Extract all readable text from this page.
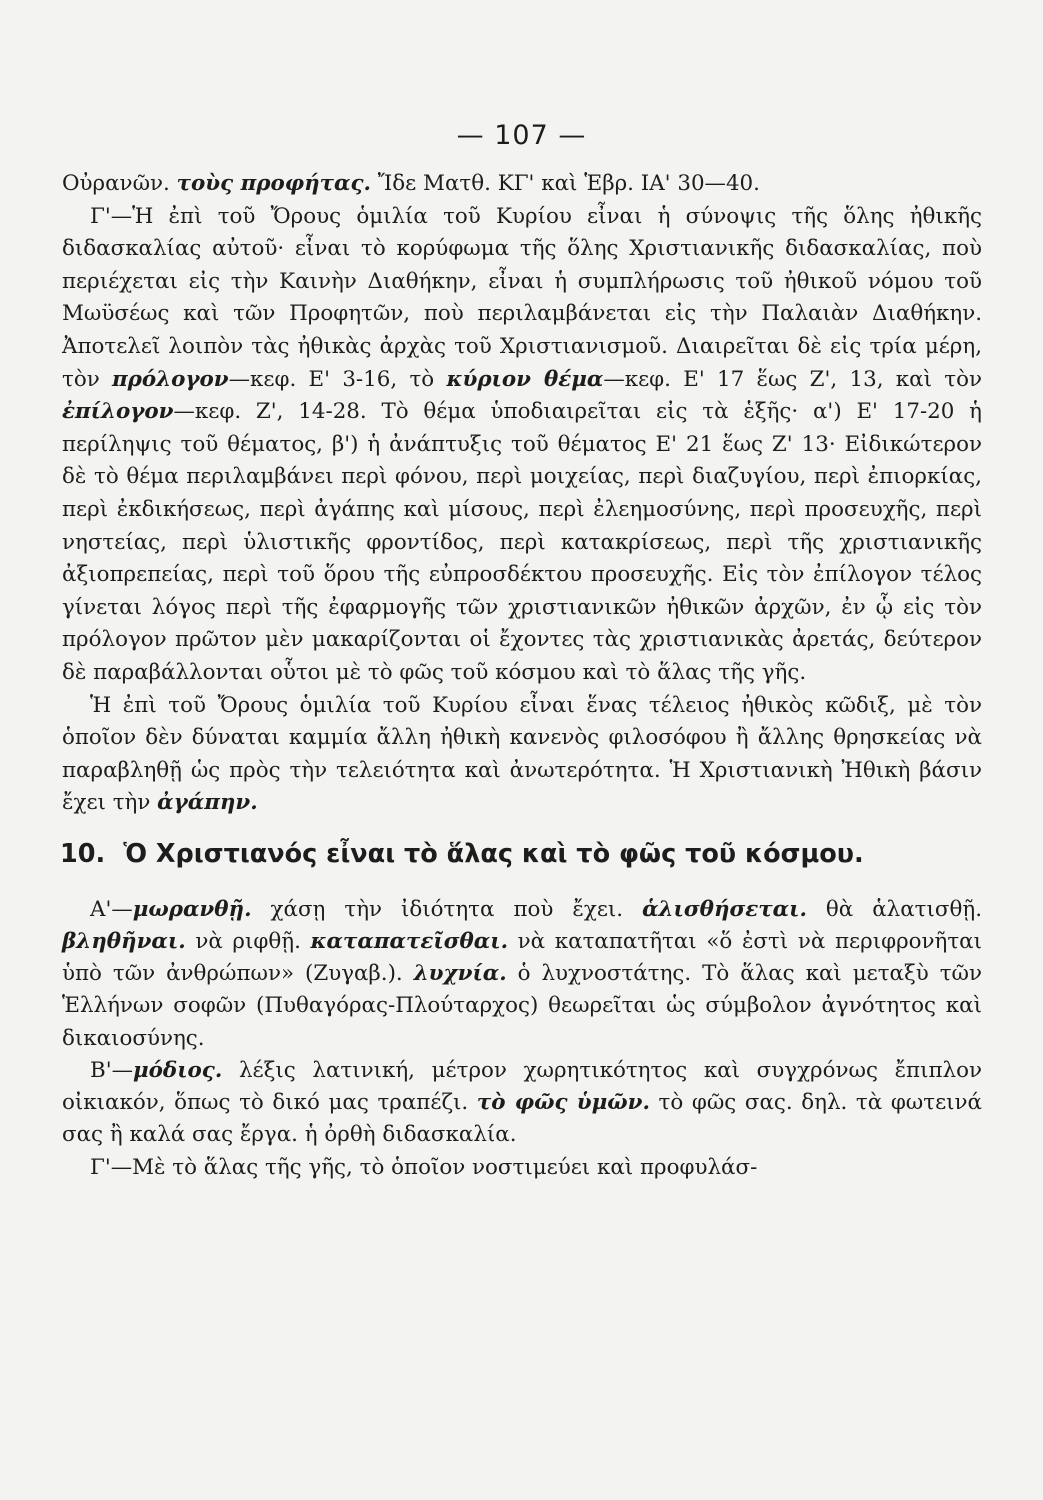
— 107 —

Οὐρανῶν. τοὺς προφήτας. Ἴδε Ματθ. ΚΓ' καὶ Ἑβρ. ΙΑ' 30—40.

Γ'—Ἡ ἐπὶ τοῦ Ὄρους ὁμιλία τοῦ Κυρίου εἶναι ἡ σύνοψις τῆς ὅλης ἠθικῆς διδασκαλίας αὐτοῦ· εἶναι τὸ κορύφωμα τῆς ὅλης Χριστιανικῆς διδασκαλίας, ποὺ περιέχεται εἰς τὴν Καινὴν Διαθήκην, εἶναι ἡ συμπλήρωσις τοῦ ἠθικοῦ νόμου τοῦ Μωϋσέως καὶ τῶν Προφητῶν, ποὺ περιλαμβάνεται εἰς τὴν Παλαιὰν Διαθήκην. Ἀποτελεῖ λοιπὸν τὰς ἠθικὰς ἀρχὰς τοῦ Χριστιανισμοῦ. Διαιρεῖται δὲ εἰς τρία μέρη, τὸν πρόλογον—κεφ. Ε' 3-16, τὸ κύριον θέμα—κεφ. Ε' 17 ἕως Ζ', 13, καὶ τὸν ἐπίλογον—κεφ. Ζ', 14-28. Τὸ θέμα ὑποδιαιρεῖται εἰς τὰ ἑξῆς· α') Ε' 17-20 ἡ περίληψις τοῦ θέματος, β') ἡ ἀνάπτυξις τοῦ θέματος Ε' 21 ἕως Ζ' 13· Εἰδικώτερον δὲ τὸ θέμα περιλαμβάνει περὶ φόνου, περὶ μοιχείας, περὶ διαζυγίου, περὶ ἐπιορκίας, περὶ ἐκδικήσεως, περὶ ἀγάπης καὶ μίσους, περὶ ἐλεημοσύνης, περὶ προσευχῆς, περὶ νηστείας, περὶ ὑλιστικῆς φροντίδος, περὶ κατακρίσεως, περὶ τῆς χριστιανικῆς ἀξιοπρεπείας, περὶ τοῦ ὅρου τῆς εὐπροσδέκτου προσευχῆς. Εἰς τὸν ἐπίλογον τέλος γίνεται λόγος περὶ τῆς ἐφαρμογῆς τῶν χριστιανικῶν ἠθικῶν ἀρχῶν, ἐν ᾧ εἰς τὸν πρόλογον πρῶτον μὲν μακαρίζονται οἱ ἔχοντες τὰς χριστιανικὰς ἀρετάς, δεύτερον δὲ παραβάλλονται οὗτοι μὲ τὸ φῶς τοῦ κόσμου καὶ τὸ ἅλας τῆς γῆς.

Ἡ ἐπὶ τοῦ Ὄρους ὁμιλία τοῦ Κυρίου εἶναι ἕνας τέλειος ἠθικὸς κῶδιξ, μὲ τὸν ὁποῖον δὲν δύναται καμμία ἄλλη ἠθικὴ κανενὸς φιλοσόφου ἢ ἄλλης θρησκείας νὰ παραβληθῇ ὡς πρὸς τὴν τελειότητα καὶ ἀνωτερότητα. Ἡ Χριστιανικὴ Ἠθικὴ βάσιν ἔχει τὴν ἀγάπην.

10. Ὁ Χριστιανός εἶναι τὸ ἅλας καὶ τὸ φῶς τοῦ κόσμου.

Α'—μωρανθῇ. χάσῃ τὴν ἰδιότητα ποὺ ἔχει. ἁλισθήσεται. θὰ ἁλατισθῇ. βληθῆναι. νὰ ριφθῇ. καταπατεῖσθαι. νὰ καταπατῆται «ὅ ἐστὶ νὰ περιφρονῆται ὑπὸ τῶν ἀνθρώπων» (Ζυγαβ.). λυχνία. ὁ λυχνοστάτης. Τὸ ἅλας καὶ μεταξὺ τῶν Ἑλλήνων σοφῶν (Πυθαγόρας-Πλούταρχος) θεωρεῖται ὡς σύμβολον ἀγνότητος καὶ δικαιοσύνης.

Β'—μόδιος. λέξις λατινική, μέτρον χωρητικότητος καὶ συγχρόνως ἔπιπλον οἰκιακόν, ὅπως τὸ δικό μας τραπέζι. τὸ φῶς ὑμῶν. τὸ φῶς σας. δηλ. τὰ φωτεινά σας ἢ καλά σας ἔργα. ἡ ὀρθὴ διδασκαλία.

Γ'—Μὲ τὸ ἅλας τῆς γῆς, τὸ ὁποῖον νοστιμεύει καὶ προφυλάσ-
